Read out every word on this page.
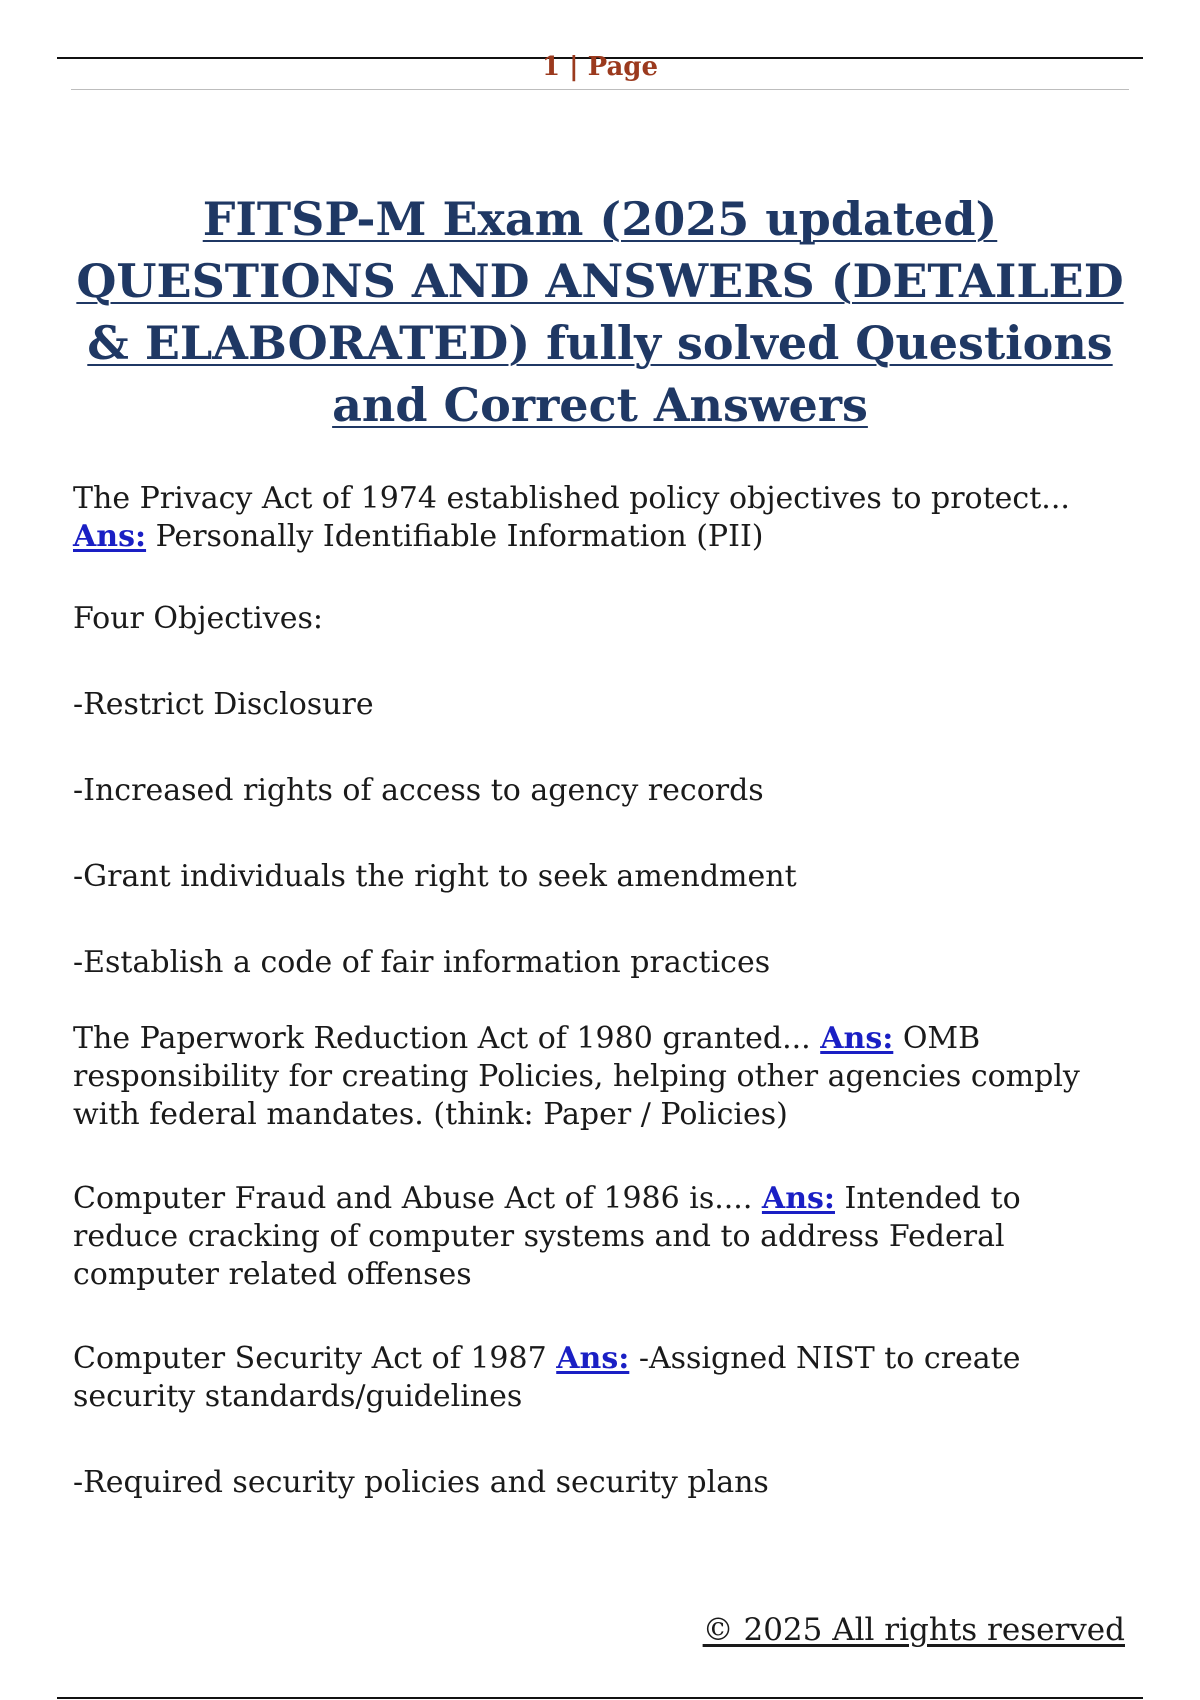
1 | Page
FITSP-M Exam (2025 updated) QUESTIONS AND ANSWERS (DETAILED & ELABORATED) fully solved Questions and Correct Answers

The Privacy Act of 1974 established policy objectives to protect...
Ans: Personally Identifiable Information (PII)

Four Objectives:

-Restrict Disclosure

-Increased rights of access to agency records

-Grant individuals the right to seek amendment

-Establish a code of fair information practices

The Paperwork Reduction Act of 1980 granted... Ans: OMB responsibility for creating Policies, helping other agencies comply with federal mandates. (think: Paper / Policies)

Computer Fraud and Abuse Act of 1986 is.... Ans: Intended to reduce cracking of computer systems and to address Federal computer related offenses

Computer Security Act of 1987 Ans: -Assigned NIST to create security standards/guidelines

-Required security policies and security plans

© 2025 All rights reserved
